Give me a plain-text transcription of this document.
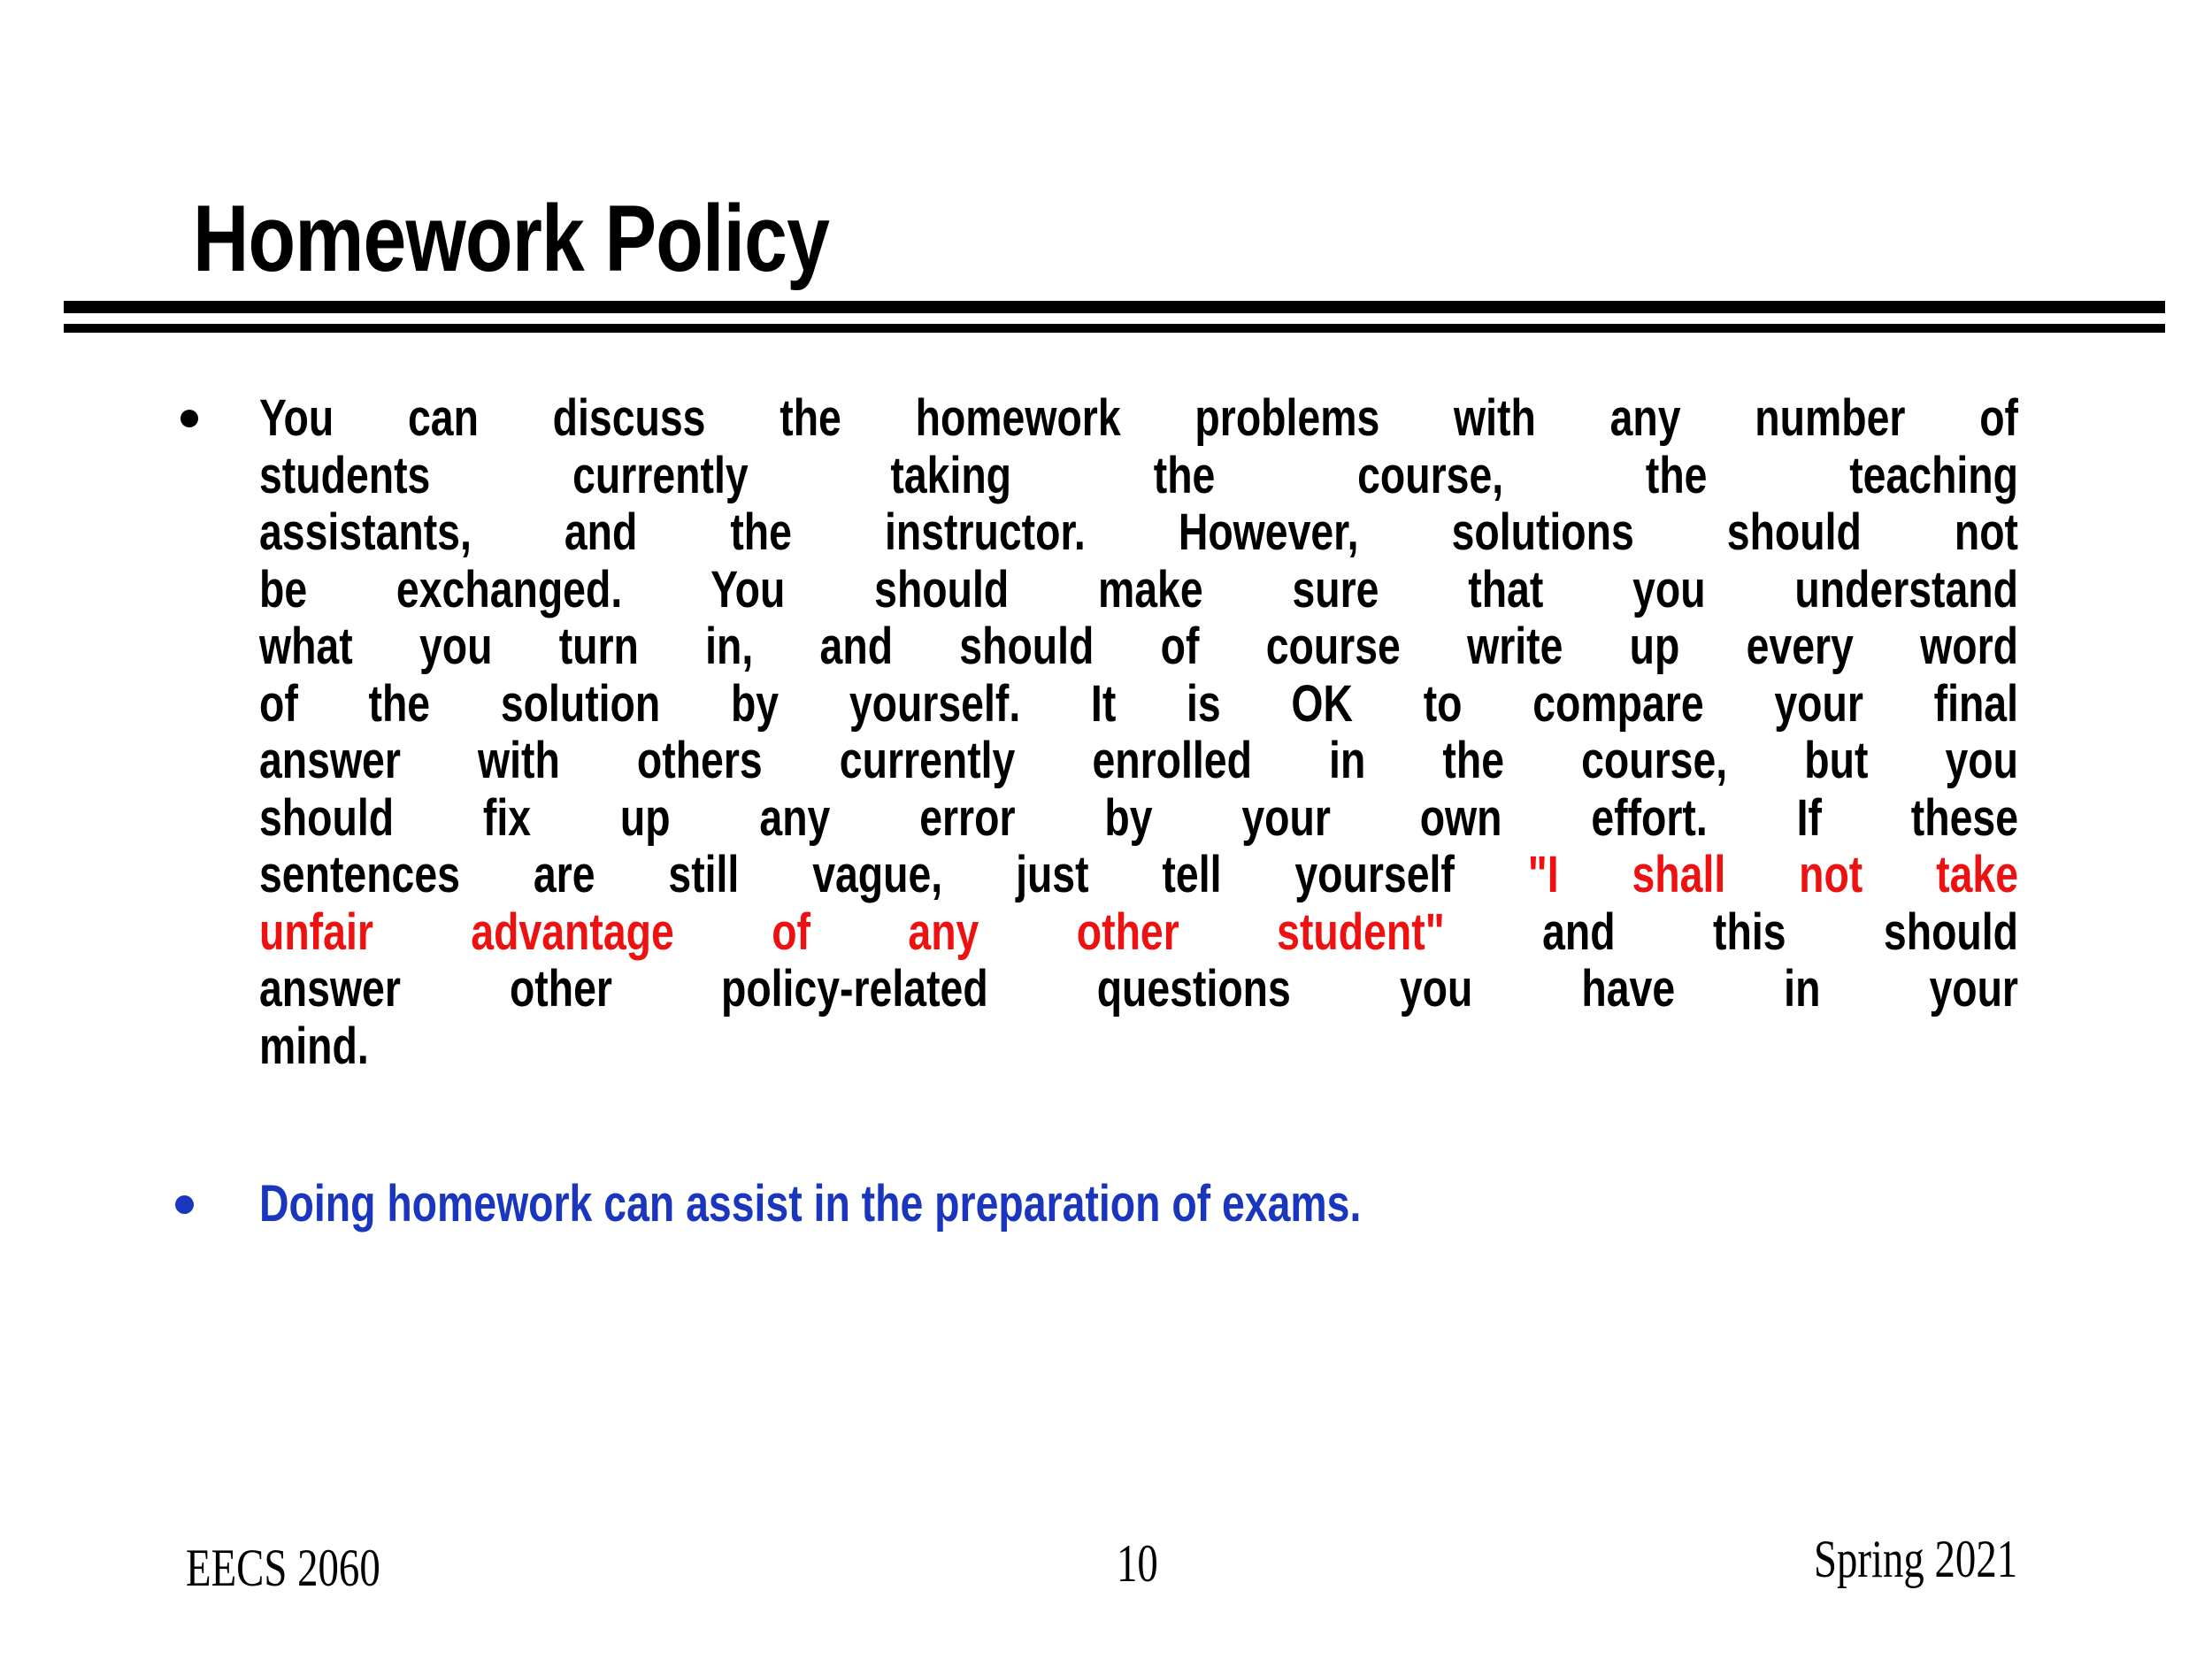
Homework Policy
You can discuss the homework problems with any number of
students currently taking the course, the teaching
assistants, and the instructor. However, solutions should not
be exchanged. You should make sure that you understand
what you turn in, and should of course write up every word
of the solution by yourself. It is OK to compare your final
answer with others currently enrolled in the course, but you
should fix up any error by your own effort. If these
sentences are still vague, just tell yourself "I shall not take
unfair advantage of any other student" and this should
answer other policy-related questions you have in your
mind.
Doing homework can assist in the preparation of exams.
EECS 2060	10	Spring 2021
